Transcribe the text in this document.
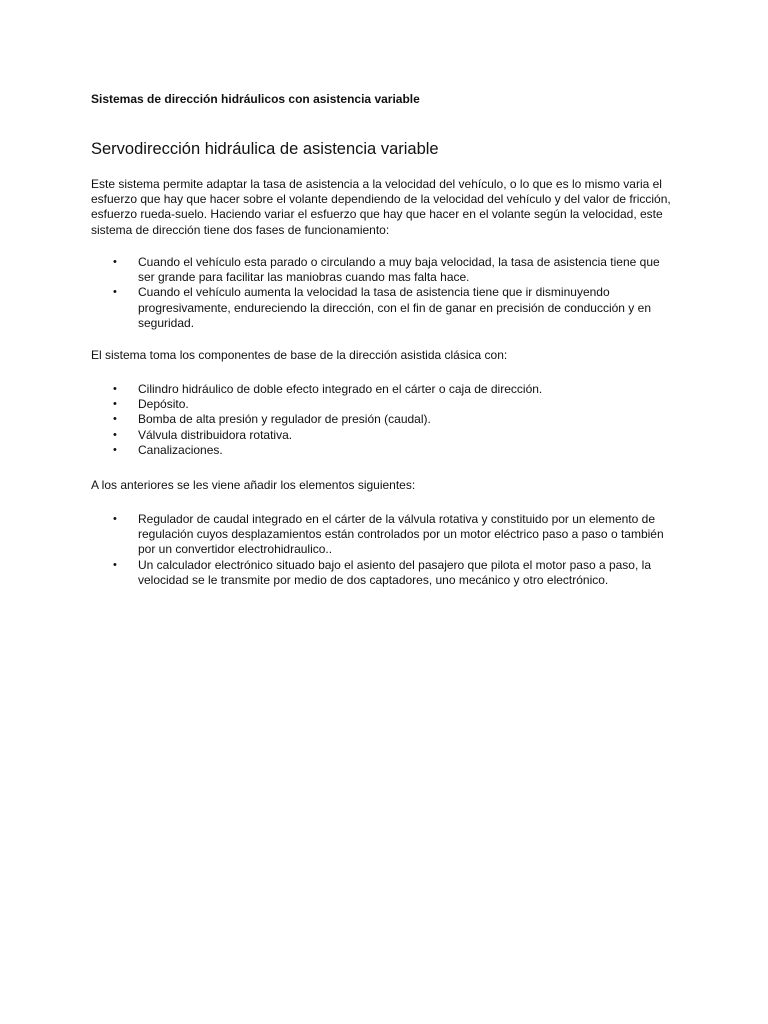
Sistemas de dirección hidráulicos con asistencia variable
Servodirección hidráulica de asistencia variable

Este sistema permite adaptar la tasa de asistencia a la velocidad del vehículo, o lo que es lo mismo varia el
esfuerzo que hay que hacer sobre el volante dependiendo de la velocidad del vehículo y del valor de fricción,
esfuerzo rueda-suelo. Haciendo variar el esfuerzo que hay que hacer en el volante según la velocidad, este
sistema de dirección tiene dos fases de funcionamiento:

• Cuando el vehículo esta parado o circulando a muy baja velocidad, la tasa de asistencia tiene que
ser grande para facilitar las maniobras cuando mas falta hace.
• Cuando el vehículo aumenta la velocidad la tasa de asistencia tiene que ir disminuyendo
progresivamente, endureciendo la dirección, con el fin de ganar en precisión de conducción y en
seguridad.

El sistema toma los componentes de base de la dirección asistida clásica con:

• Cilindro hidráulico de doble efecto integrado en el cárter o caja de dirección.
• Depósito.
• Bomba de alta presión y regulador de presión (caudal).
• Válvula distribuidora rotativa.
• Canalizaciones.

A los anteriores se les viene añadir los elementos siguientes:

• Regulador de caudal integrado en el cárter de la válvula rotativa y constituido por un elemento de
regulación cuyos desplazamientos están controlados por un motor eléctrico paso a paso o también
por un convertidor electrohidraulico..
• Un calculador electrónico situado bajo el asiento del pasajero que pilota el motor paso a paso, la
velocidad se le transmite por medio de dos captadores, uno mecánico y otro electrónico.
